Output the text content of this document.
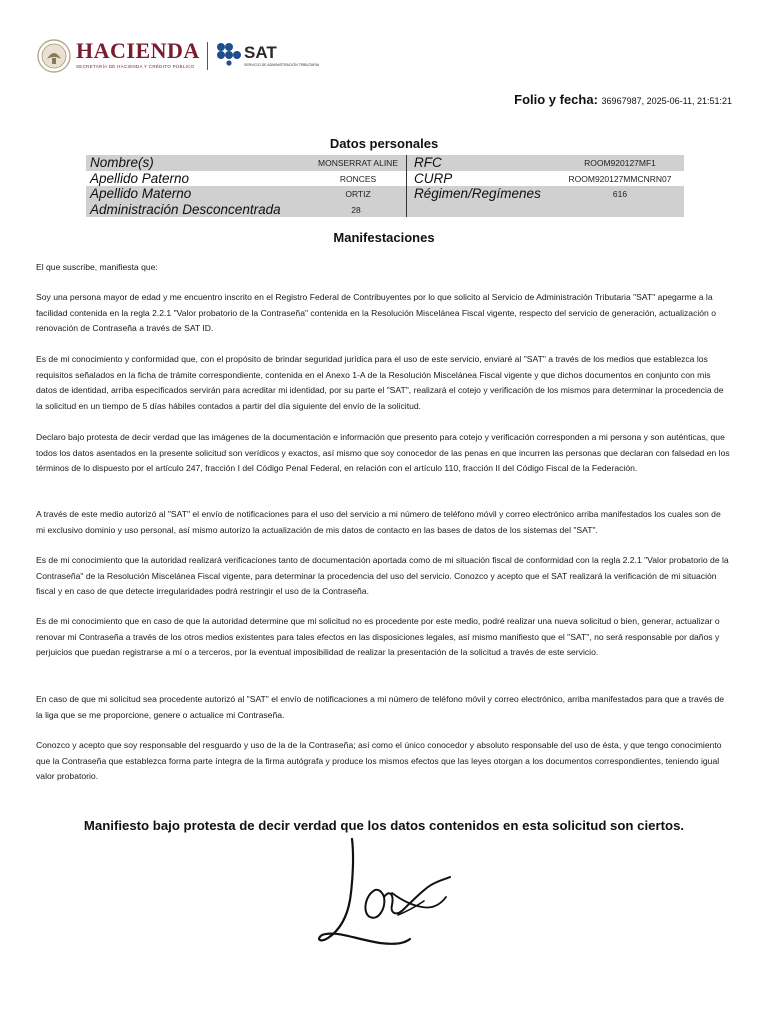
HACIENDA
SECRETARÍA DE HACIENDA Y CRÉDITO PÚBLICO
SAT
SERVICIO DE ADMINISTRACIÓN TRIBUTARIA
Folio y fecha: 36967987, 2025-06-11, 21:51:21
Datos personales
Nombre(s)	MONSERRAT ALINE	RFC	ROOM920127MF1
Apellido Paterno	RONCES	CURP	ROOM920127MMCNRN07
Apellido Materno	ORTIZ	Régimen/Regímenes	616
Administración Desconcentrada	28
Manifestaciones

El que suscribe, manifiesta que:

Soy una persona mayor de edad y me encuentro inscrito en el Registro Federal de Contribuyentes por lo que solicito al Servicio de Administración Tributaria "SAT" apegarme a la facilidad contenida en la regla 2.2.1 "Valor probatorio de la Contraseña" contenida en la Resolución Miscelánea Fiscal vigente, respecto del servicio de generación, actualización o renovación de Contraseña a través de SAT ID.

Es de mi conocimiento y conformidad que, con el propósito de brindar seguridad jurídica para el uso de este servicio, enviaré al "SAT" a través de los medios que establezca los requisitos señalados en la ficha de trámite correspondiente, contenida en el Anexo 1-A de la Resolución Miscelánea Fiscal vigente y que dichos documentos en conjunto con mis datos de identidad, arriba especificados servirán para acreditar mi identidad, por su parte el "SAT", realizará el cotejo y verificación de los mismos para determinar la procedencia de la solicitud en un tiempo de 5 días hábiles contados a partir del día siguiente del envío de la solicitud.

Declaro bajo protesta de decir verdad que las imágenes de la documentación e información que presento para cotejo y verificación corresponden a mi persona y son auténticas, que todos los datos asentados en la presente solicitud son verídicos y exactos, así mismo que soy conocedor de las penas en que incurren las personas que declaran con falsedad en los términos de lo dispuesto por el artículo 247, fracción I del Código Penal Federal, en relación con el artículo 110, fracción II del Código Fiscal de la Federación.

A través de este medio autorizó al "SAT" el envío de notificaciones para el uso del servicio a mi número de teléfono móvil y correo electrónico arriba manifestados los cuales son de mi exclusivo dominio y uso personal, así mismo autorizo la actualización de mis datos de contacto en las bases de datos de los sistemas del "SAT".

Es de mi conocimiento que la autoridad realizará verificaciones tanto de documentación aportada como de mi situación fiscal de conformidad con la regla 2.2.1 "Valor probatorio de la Contraseña" de la Resolución Miscelánea Fiscal vigente, para determinar la procedencia del uso del servicio. Conozco y acepto que el SAT realizará la verificación de mi situación fiscal y en caso de que detecte irregularidades podrá restringir el uso de la Contraseña.

Es de mi conocimiento que en caso de que la autoridad determine que mi solicitud no es procedente por este medio, podré realizar una nueva solicitud o bien, generar, actualizar o renovar mi Contraseña a través de los otros medios existentes para tales efectos en las disposiciones legales, así mismo manifiesto que el "SAT", no será responsable por daños y perjuicios que puedan registrarse a mí o a terceros, por la eventual imposibilidad de realizar la presentación de la solicitud a través de este servicio.

En caso de que mi solicitud sea procedente autorizó al "SAT" el envío de notificaciones a mi número de teléfono móvil y correo electrónico, arriba manifestados para que a través de la liga que se me proporcione, genere o actualice mi Contraseña.

Conozco y acepto que soy responsable del resguardo y uso de la de la Contraseña; así como el único conocedor y absoluto responsable del uso de ésta, y que tengo conocimiento que la Contraseña que establezca forma parte íntegra de la firma autógrafa y produce los mismos efectos que las leyes otorgan a los documentos correspondientes, teniendo igual valor probatorio.

Manifiesto bajo protesta de decir verdad que los datos contenidos en esta solicitud son ciertos.
